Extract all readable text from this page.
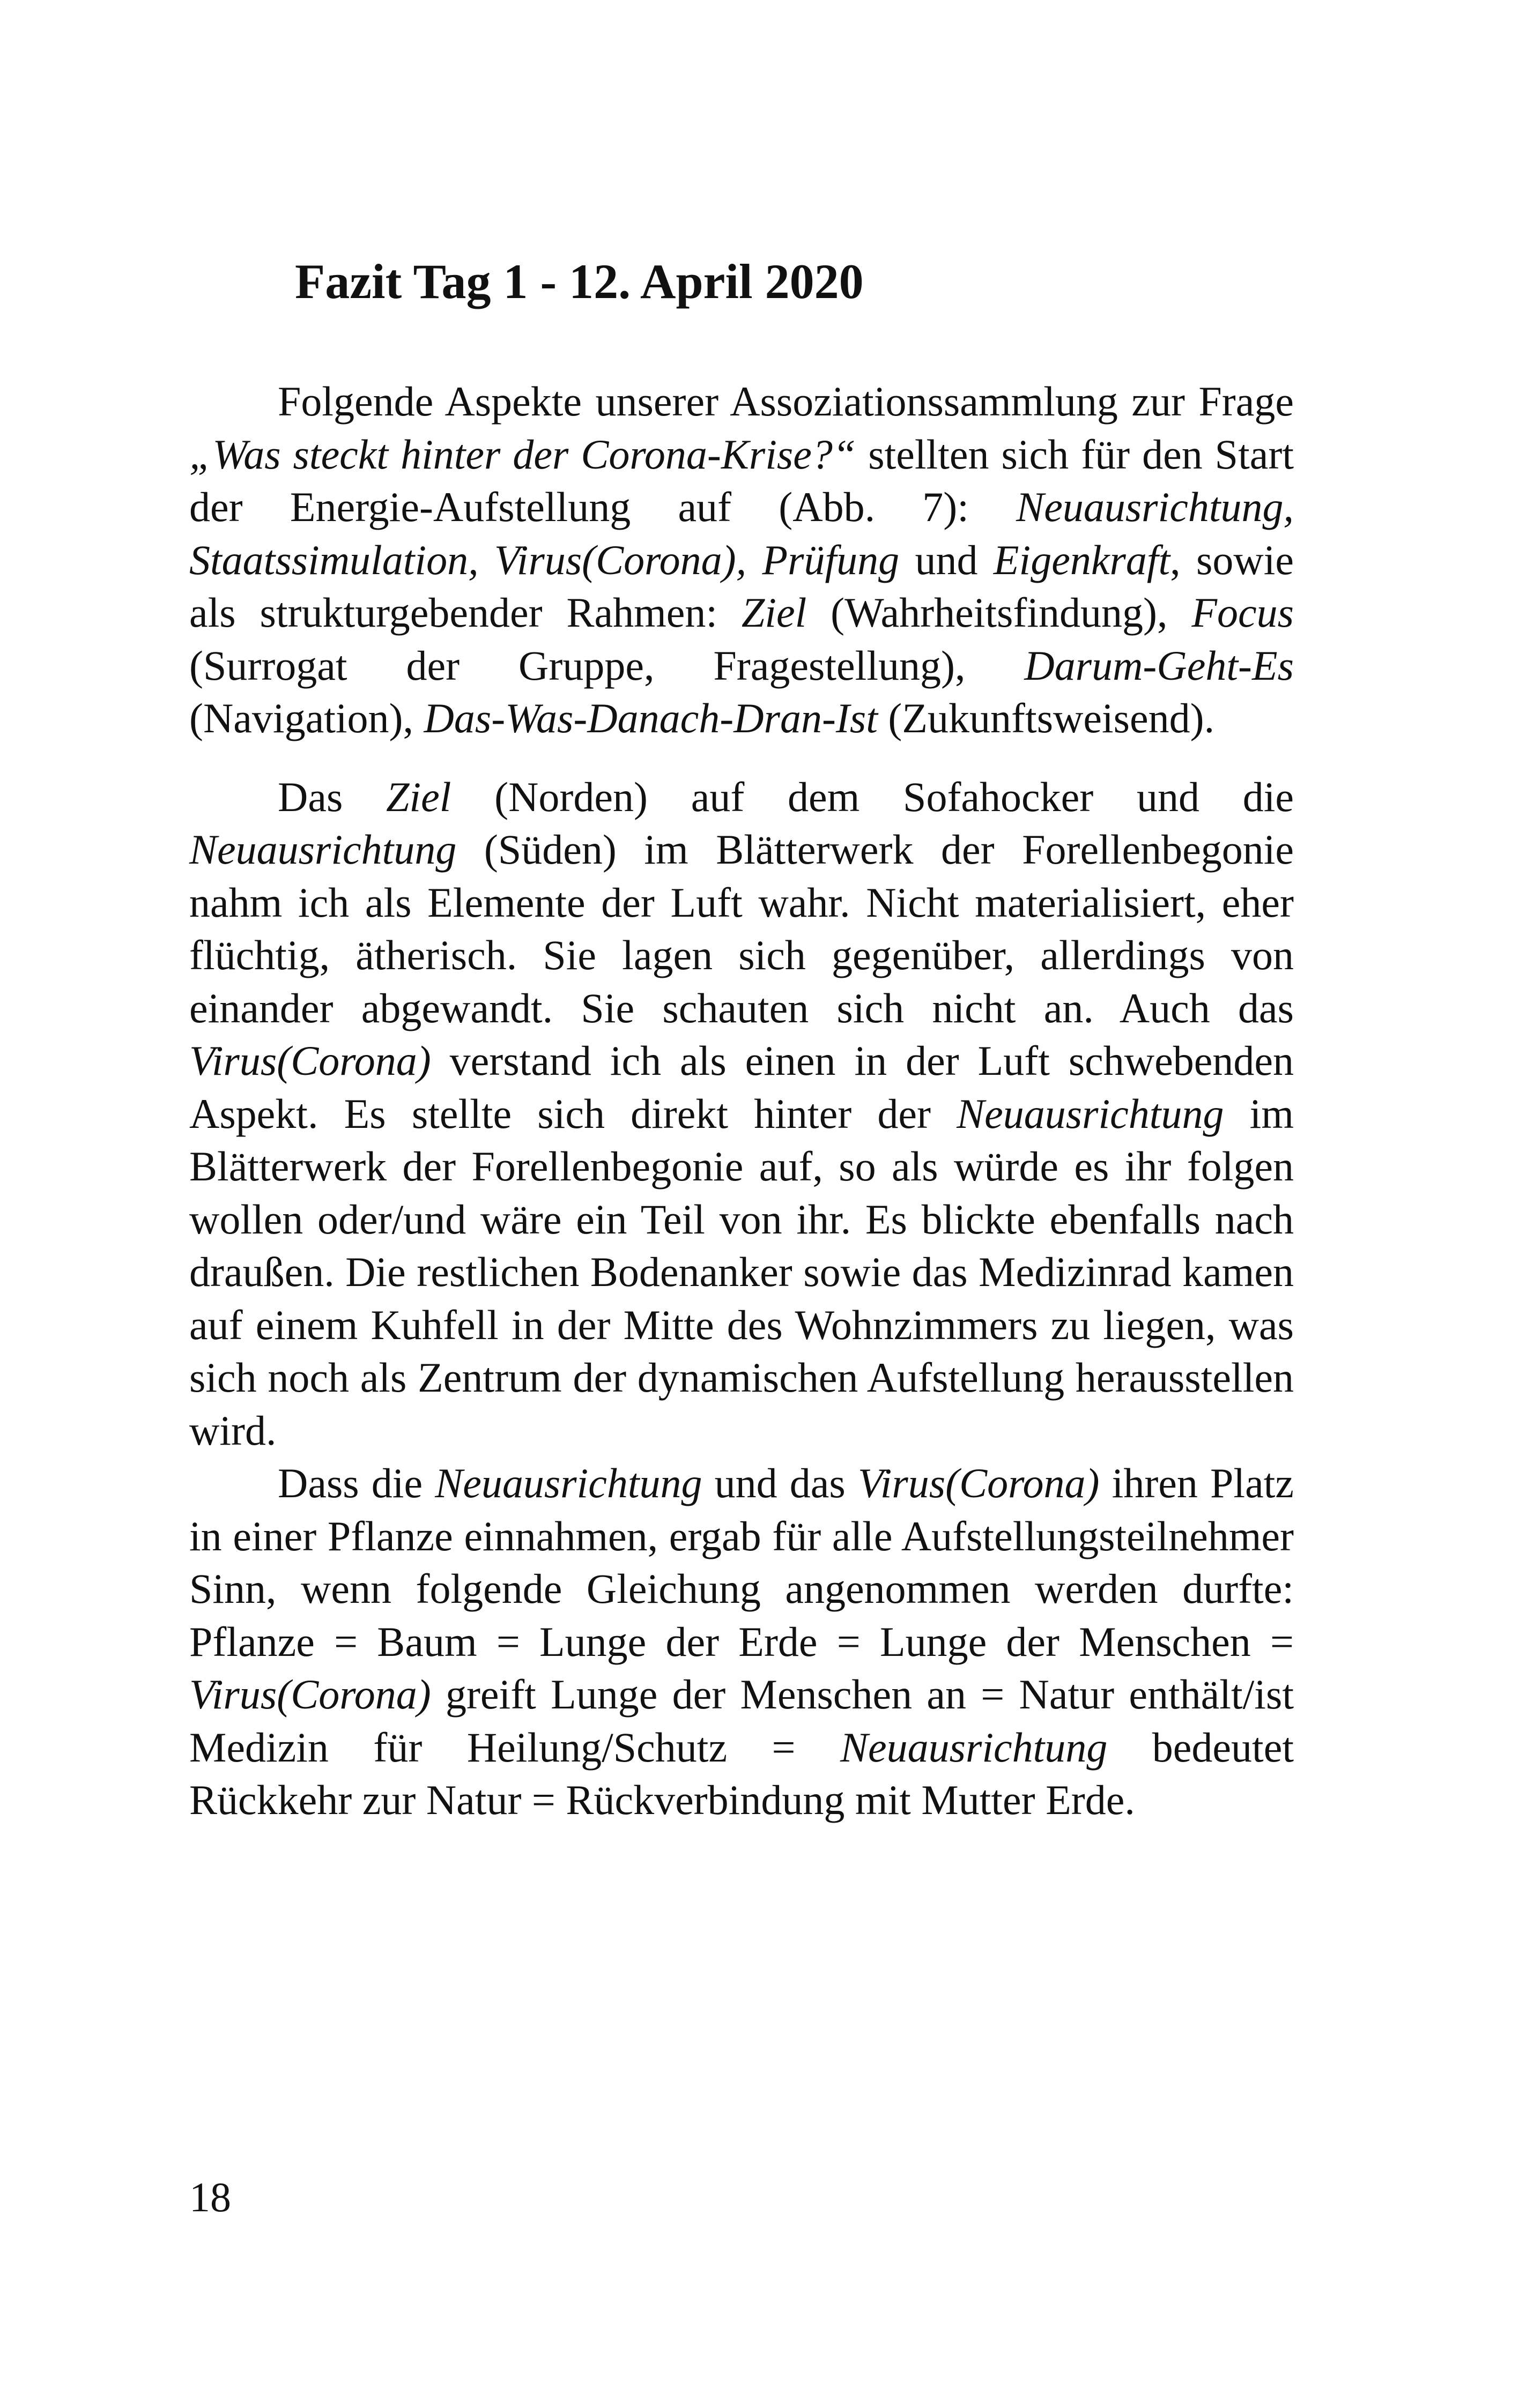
Fazit Tag 1 - 12. April 2020

Folgende Aspekte unserer Assoziationssammlung zur Frage „Was steckt hinter der Corona-Krise?“ stellten sich für den Start der Energie-Aufstellung auf (Abb. 7): Neuausrichtung, Staatssimulation, Virus(Corona), Prüfung und Eigenkraft, sowie als strukturgebender Rahmen: Ziel (Wahrheitsfindung), Focus (Surrogat der Gruppe, Fragestellung), Darum-Geht-Es (Navigation), Das-Was-Danach-Dran-Ist (Zukunftsweisend).

Das Ziel (Norden) auf dem Sofahocker und die Neuausrichtung (Süden) im Blätterwerk der Forellenbegonie nahm ich als Elemente der Luft wahr. Nicht materialisiert, eher flüchtig, ätherisch. Sie lagen sich gegenüber, allerdings von einander abgewandt. Sie schauten sich nicht an. Auch das Virus(Corona) verstand ich als einen in der Luft schwebenden Aspekt. Es stellte sich direkt hinter der Neuausrichtung im Blätterwerk der Forellenbegonie auf, so als würde es ihr folgen wollen oder/und wäre ein Teil von ihr. Es blickte ebenfalls nach draußen. Die restlichen Bodenanker sowie das Medizinrad kamen auf einem Kuhfell in der Mitte des Wohnzimmers zu liegen, was sich noch als Zentrum der dynamischen Aufstellung herausstellen wird.

Dass die Neuausrichtung und das Virus(Corona) ihren Platz in einer Pflanze einnahmen, ergab für alle Aufstellungsteilnehmer Sinn, wenn folgende Gleichung angenommen werden durfte: Pflanze = Baum = Lunge der Erde = Lunge der Menschen = Virus(Corona) greift Lunge der Menschen an = Natur enthält/ist Medizin für Heilung/Schutz = Neuausrichtung bedeutet Rückkehr zur Natur = Rückverbindung mit Mutter Erde.

18
